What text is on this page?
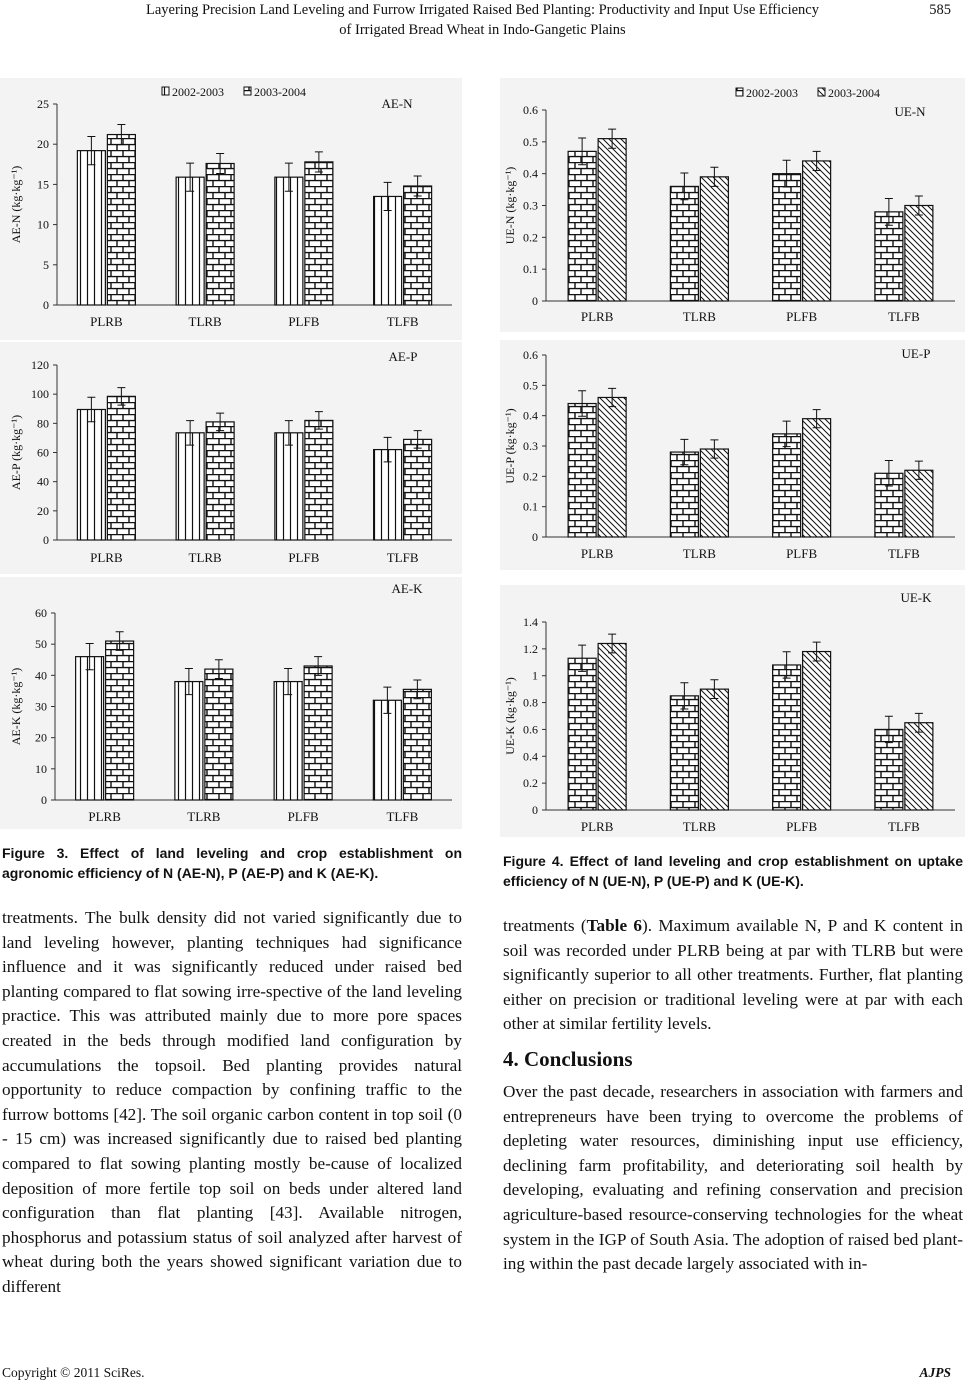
Layering Precision Land Leveling and Furrow Irrigated Raised Bed Planting: Productivity and Input Use Efficiency
of Irrigated Bread Wheat in Indo-Gangetic Plains
585
0
5
10
15
20
25
AE-N (kg·kg⁻¹)
AE-N
PLRB	TLRB	PLFB	TLFB
2002-2003	2003-2004
0
20
40
60
80
100
120
AE-P (kg·kg⁻¹)
AE-P
PLRB	TLRB	PLFB	TLFB
0
10
20
30
40
50
60
AE-K (kg·kg⁻¹)
AE-K
PLRB	TLRB	PLFB	TLFB
0
0.1
0.2
0.3
0.4
0.5
0.6
UE-N (kg·kg⁻¹)
UE-N
PLRB	TLRB	PLFB	TLFB
2002-2003	2003-2004
0
0.1
0.2
0.3
0.4
0.5
0.6
UE-P (kg·kg⁻¹)
UE-P
PLRB	TLRB	PLFB	TLFB
0
0.2
0.4
0.6
0.8
1
1.2
1.4
UE-K (kg·kg⁻¹)
UE-K
PLRB	TLRB	PLFB	TLFB
Figure 3. Effect of land leveling and crop establishment on agronomic efficiency of N (AE-N), P (AE-P) and K (AE-K).
Figure 4. Effect of land leveling and crop establishment on uptake efficiency of N (UE-N), P (UE-P) and K (UE-K).

treatments. The bulk density did not varied significantly due to land leveling however, planting techniques had significance influence and it was significantly reduced under raised bed planting compared to flat sowing irre-spective of the land leveling practice. This was attributed mainly due to more pore spaces created in the beds through modified land configuration by accumulations the topsoil. Bed planting provides natural opportunity to reduce compaction by confining traffic to the furrow bottoms [42]. The soil organic carbon content in top soil (0 - 15 cm) was increased significantly due to raised bed planting compared to flat sowing planting mostly be-cause of localized deposition of more fertile top soil on beds under altered land configuration than flat planting [43]. Available nitrogen, phosphorus and potassium status of soil analyzed after harvest of wheat during both the years showed significant variation due to different

treatments (Table 6). Maximum available N, P and K content in soil was recorded under PLRB being at par with TLRB but were significantly superior to all other treatments. Further, flat planting either on precision or traditional leveling were at par with each other at similar fertility levels.

4. Conclusions

Over the past decade, researchers in association with farmers and entrepreneurs have been trying to overcome the problems of depleting water resources, diminishing input use efficiency, declining farm profitability, and deteriorating soil health by developing, evaluating and refining conservation and precision agriculture-based resource-conserving technologies for the wheat system in the IGP of South Asia. The adoption of raised bed plant-ing within the past decade largely associated with in-

Copyright © 2011 SciRes.	AJPS
